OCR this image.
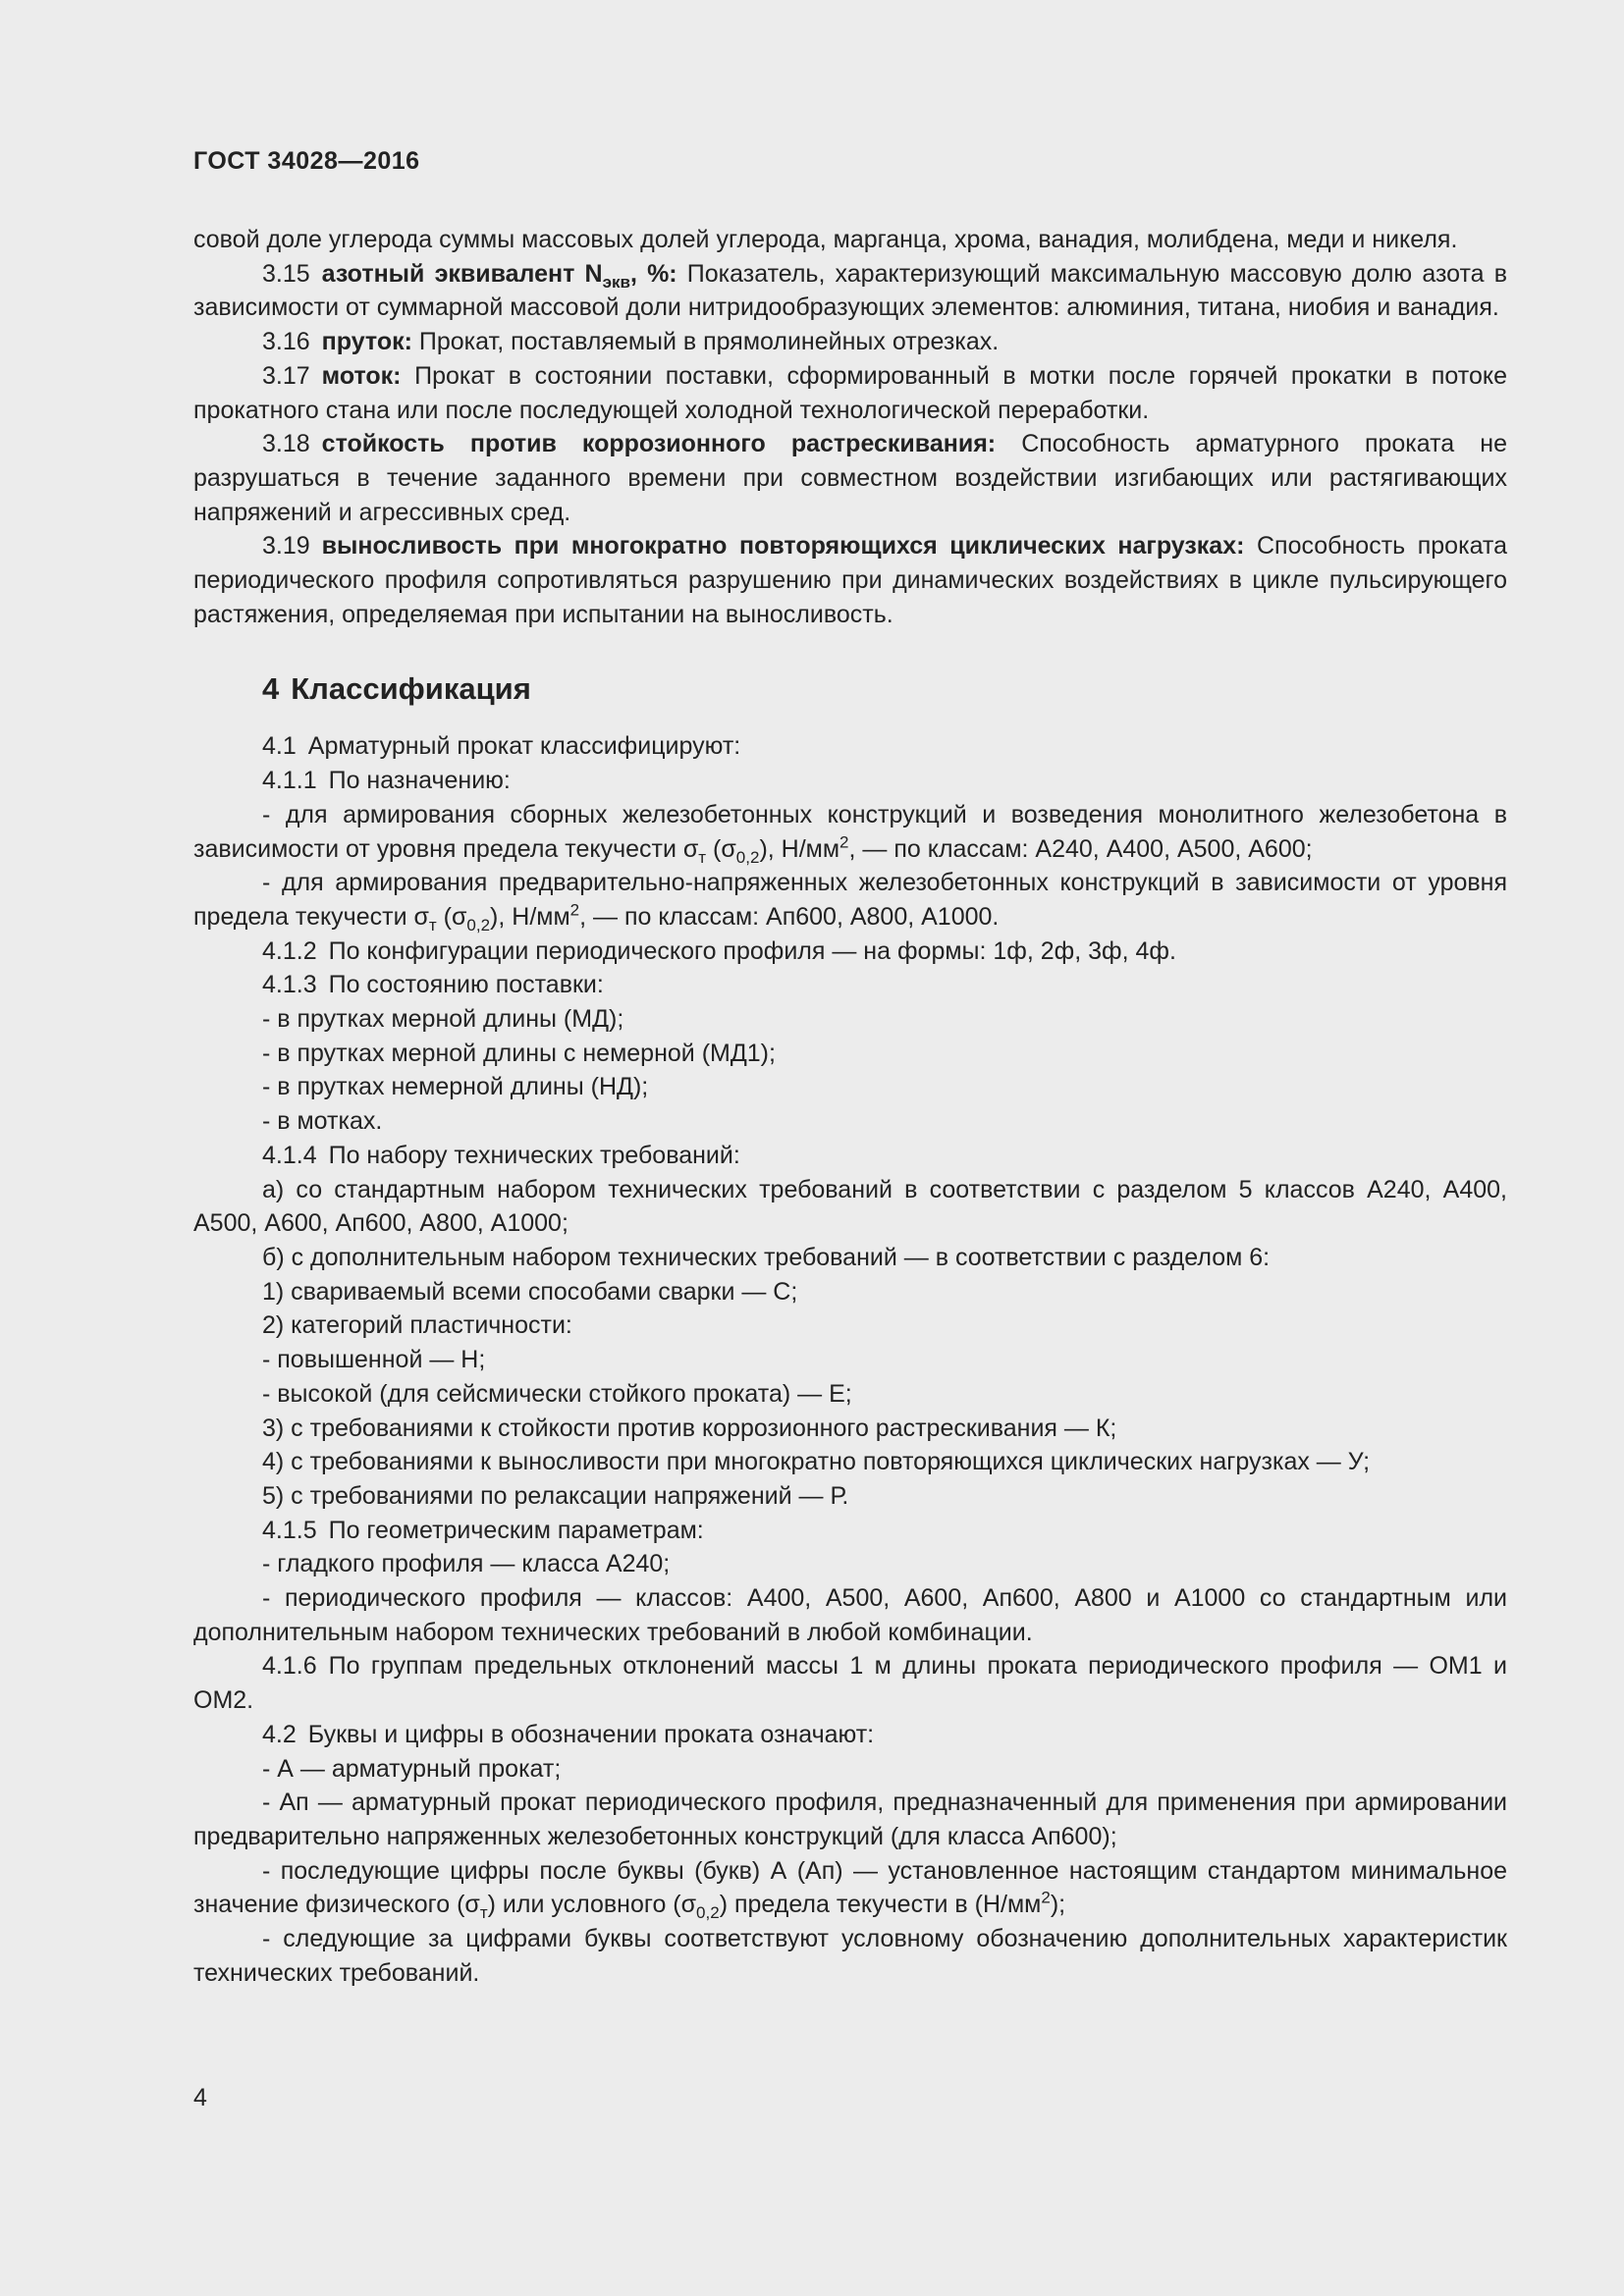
ГОСТ 34028—2016

совой доле углерода суммы массовых долей углерода, марганца, хрома, ванадия, молибдена, меди и никеля.

3.15 азотный эквивалент $N_{экв}$, %: Показатель, характеризующий максимальную массовую долю азота в зависимости от суммарной массовой доли нитридообразующих элементов: алюминия, титана, ниобия и ванадия.

3.16 пруток: Прокат, поставляемый в прямолинейных отрезках.

3.17 моток: Прокат в состоянии поставки, сформированный в мотки после горячей прокатки в потоке прокатного стана или после последующей холодной технологической переработки.

3.18 стойкость против коррозионного растрескивания: Способность арматурного проката не разрушаться в течение заданного времени при совместном воздействии изгибающих или растягивающих напряжений и агрессивных сред.

3.19 выносливость при многократно повторяющихся циклических нагрузках: Способность проката периодического профиля сопротивляться разрушению при динамических воздействиях в цикле пульсирующего растяжения, определяемая при испытании на выносливость.

4 Классификация

4.1 Арматурный прокат классифицируют:

4.1.1 По назначению:

- для армирования сборных железобетонных конструкций и возведения монолитного железобетона в зависимости от уровня предела текучести $\sigma_т$ $(\sigma_{0,2})$, $Н/мм^2$, — по классам: А240, А400, А500, А600;

- для армирования предварительно-напряженных железобетонных конструкций в зависимости от уровня предела текучести $\sigma_т$ $(\sigma_{0,2})$, $Н/мм^2$, — по классам: Ап600, А800, А1000.

4.1.2 По конфигурации периодического профиля — на формы: 1ф, 2ф, 3ф, 4ф.

4.1.3 По состоянию поставки:

- в прутках мерной длины (МД);

- в прутках мерной длины с немерной (МД1);

- в прутках немерной длины (НД);

- в мотках.

4.1.4 По набору технических требований:

а) со стандартным набором технических требований в соответствии с разделом 5 классов А240, А400, А500, А600, Ап600, А800, А1000;

б) с дополнительным набором технических требований — в соответствии с разделом 6:

1) свариваемый всеми способами сварки — С;

2) категорий пластичности:

- повышенной — Н;

- высокой (для сейсмически стойкого проката) — Е;

3) с требованиями к стойкости против коррозионного растрескивания — К;

4) с требованиями к выносливости при многократно повторяющихся циклических нагрузках — У;

5) с требованиями по релаксации напряжений — Р.

4.1.5 По геометрическим параметрам:

- гладкого профиля — класса А240;

- периодического профиля — классов: А400, А500, А600, Ап600, А800 и А1000 со стандартным или дополнительным набором технических требований в любой комбинации.

4.1.6 По группам предельных отклонений массы 1 м длины проката периодического профиля — ОМ1 и ОМ2.

4.2 Буквы и цифры в обозначении проката означают:

- А — арматурный прокат;

- Ап — арматурный прокат периодического профиля, предназначенный для применения при армировании предварительно напряженных железобетонных конструкций (для класса Ап600);

- последующие цифры после буквы (букв) А (Ап) — установленное настоящим стандартом минимальное значение физического $(\sigma_т)$ или условного $(\sigma_{0,2})$ предела текучести в $(Н/мм^2)$;

- следующие за цифрами буквы соответствуют условному обозначению дополнительных характеристик технических требований.

4
